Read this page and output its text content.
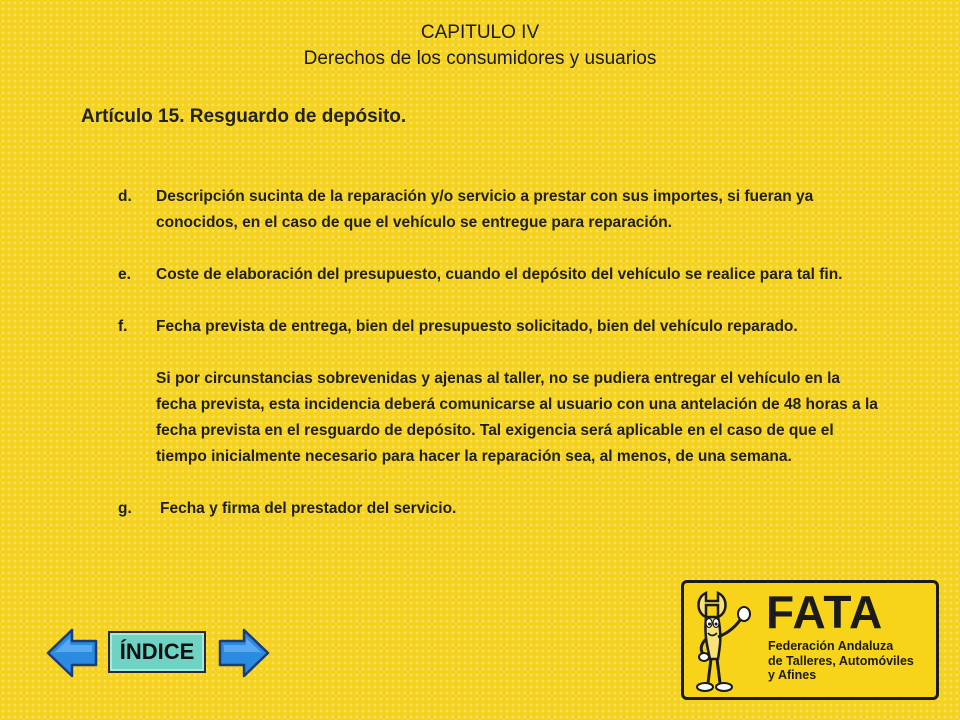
CAPITULO IV
Derechos de los consumidores y usuarios
Artículo 15. Resguardo de depósito.
d.	Descripción sucinta de la reparación y/o servicio a prestar con sus importes, si fueran ya conocidos, en el caso de que el vehículo se entregue para reparación.
e.	Coste de elaboración del presupuesto, cuando el depósito del vehículo se realice para tal fin.
f.	Fecha prevista de entrega, bien del presupuesto solicitado, bien del vehículo reparado.
Si por circunstancias sobrevenidas y ajenas al taller, no se pudiera entregar el vehículo en la fecha prevista, esta incidencia deberá comunicarse al usuario con una antelación de 48 horas a la fecha prevista en el resguardo de depósito. Tal exigencia será aplicable en el caso de que el tiempo inicialmente necesario para hacer la reparación sea, al menos, de una semana.
g.	Fecha y firma del prestador del servicio.
ÍNDICE
FATA
Federación Andaluza
de Talleres, Automóviles
y Afines
